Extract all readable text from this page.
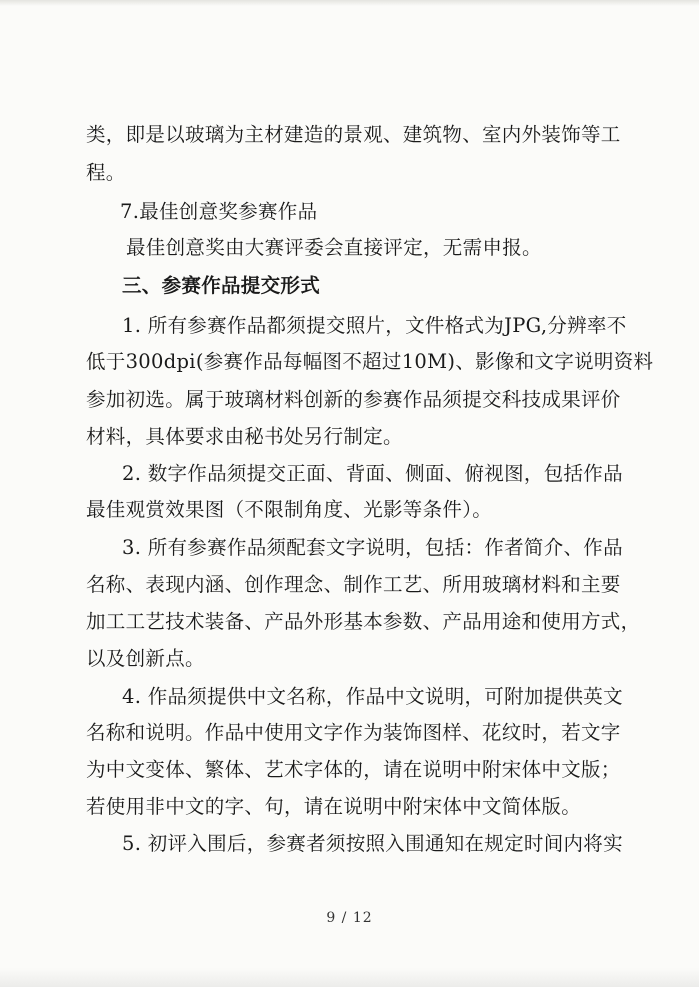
类，即是以玻璃为主材建造的景观、建筑物、室内外装饰等工
程。
7.最佳创意奖参赛作品
最佳创意奖由大赛评委会直接评定，无需申报。
三、参赛作品提交形式
1. 所有参赛作品都须提交照片，文件格式为JPG,分辨率不
低于300dpi(参赛作品每幅图不超过10M)、影像和文字说明资料
参加初选。属于玻璃材料创新的参赛作品须提交科技成果评价
材料，具体要求由秘书处另行制定。
2. 数字作品须提交正面、背面、侧面、俯视图，包括作品
最佳观赏效果图（不限制角度、光影等条件）。
3. 所有参赛作品须配套文字说明，包括：作者简介、作品
名称、表现内涵、创作理念、制作工艺、所用玻璃材料和主要
加工工艺技术装备、产品外形基本参数、产品用途和使用方式，
以及创新点。
4. 作品须提供中文名称，作品中文说明，可附加提供英文
名称和说明。作品中使用文字作为装饰图样、花纹时，若文字
为中文变体、繁体、艺术字体的，请在说明中附宋体中文版；
若使用非中文的字、句，请在说明中附宋体中文简体版。
5. 初评入围后，参赛者须按照入围通知在规定时间内将实
9 / 12
